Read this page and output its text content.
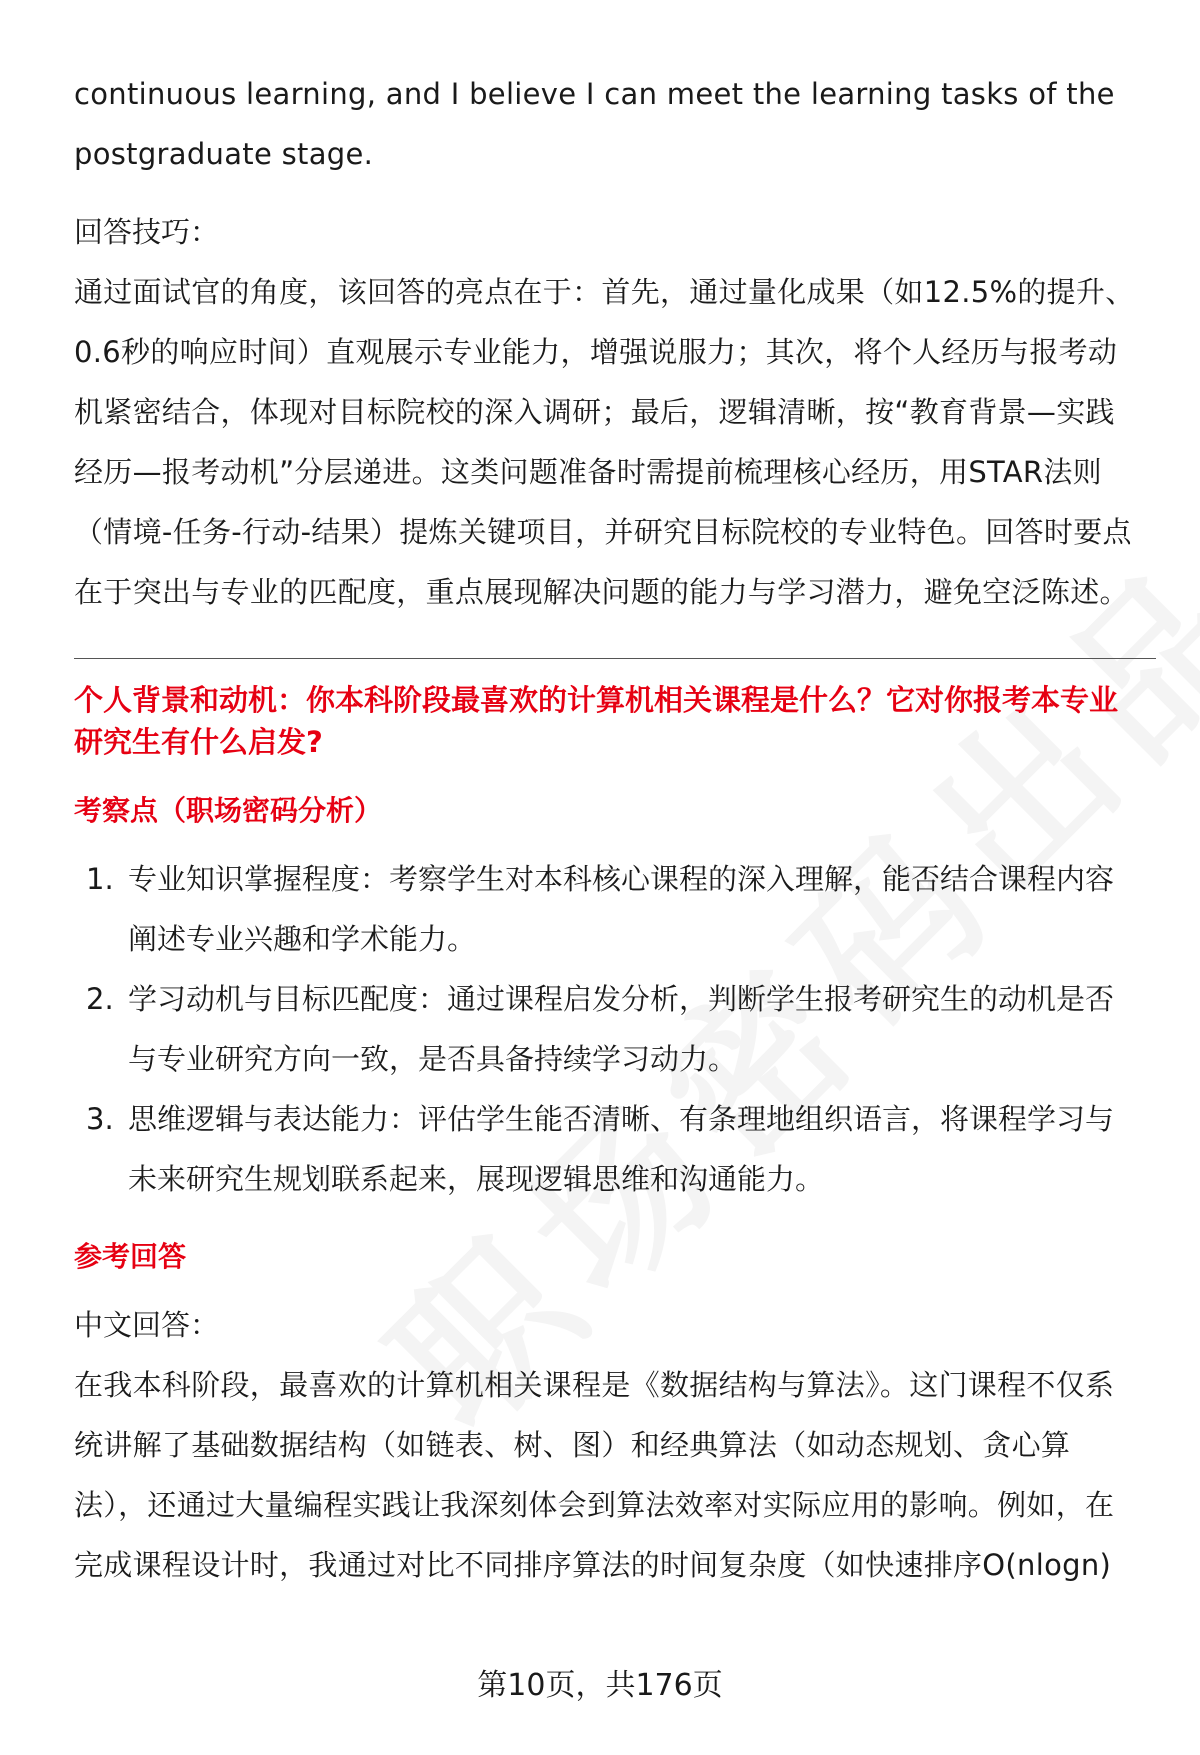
continuous learning, and I believe I can meet the learning tasks of the

postgraduate stage.

回答技巧：

通过面试官的角度，该回答的亮点在于：首先，通过量化成果（如12.5%的提升、

0.6秒的响应时间）直观展示专业能力，增强说服力；其次，将个人经历与报考动

机紧密结合，体现对目标院校的深入调研；最后，逻辑清晰，按“教育背景—实践

经历—报考动机”分层递进。这类问题准备时需提前梳理核心经历，用STAR法则

（情境-任务-行动-结果）提炼关键项目，并研究目标院校的专业特色。回答时要点

在于突出与专业的匹配度，重点展现解决问题的能力与学习潜力，避免空泛陈述。

个人背景和动机：你本科阶段最喜欢的计算机相关课程是什么？它对你报考本专业

研究生有什么启发?

考察点（职场密码分析）

1. 专业知识掌握程度：考察学生对本科核心课程的深入理解，能否结合课程内容
阐述专业兴趣和学术能力。
2. 学习动机与目标匹配度：通过课程启发分析，判断学生报考研究生的动机是否
与专业研究方向一致，是否具备持续学习动力。
3. 思维逻辑与表达能力：评估学生能否清晰、有条理地组织语言，将课程学习与
未来研究生规划联系起来，展现逻辑思维和沟通能力。

参考回答

中文回答：

在我本科阶段，最喜欢的计算机相关课程是《数据结构与算法》。这门课程不仅系

统讲解了基础数据结构（如链表、树、图）和经典算法（如动态规划、贪心算

法），还通过大量编程实践让我深刻体会到算法效率对实际应用的影响。例如，在

完成课程设计时，我通过对比不同排序算法的时间复杂度（如快速排序O(nlogn)

第10页，共176页
